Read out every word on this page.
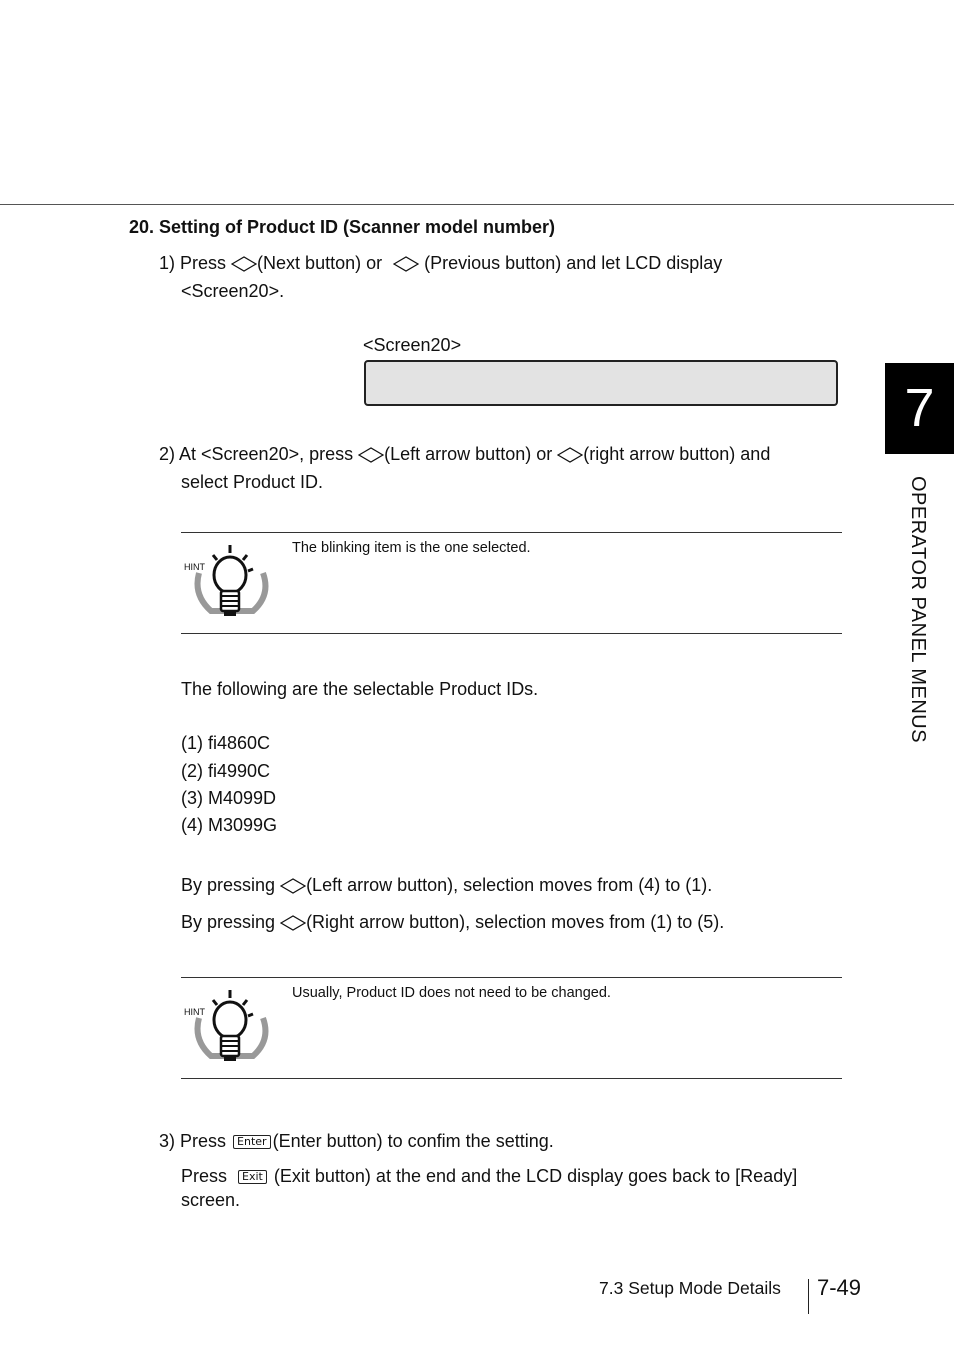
20. Setting of Product ID (Scanner model number)
1) Press (Next button) or (Previous button) and let LCD display
<Screen20>.
<Screen20>
2) At <Screen20>, press (Left arrow button) or (right arrow button) and
select Product ID.
HINT
The blinking item is the one selected.
The following are the selectable Product IDs.
(1) fi4860C
(2) fi4990C
(3) M4099D
(4) M3099G
By pressing (Left arrow button), selection moves from (4) to (1).
By pressing (Right arrow button), selection moves from (1) to (5).
HINT
Usually, Product ID does not need to be changed.
3) Press Enter (Enter button) to confim the setting.
Press Exit (Exit button) at the end and the LCD display goes back to [Ready]
screen.
7
OPERATOR PANEL MENUS
7.3 Setup Mode Details 7-49
